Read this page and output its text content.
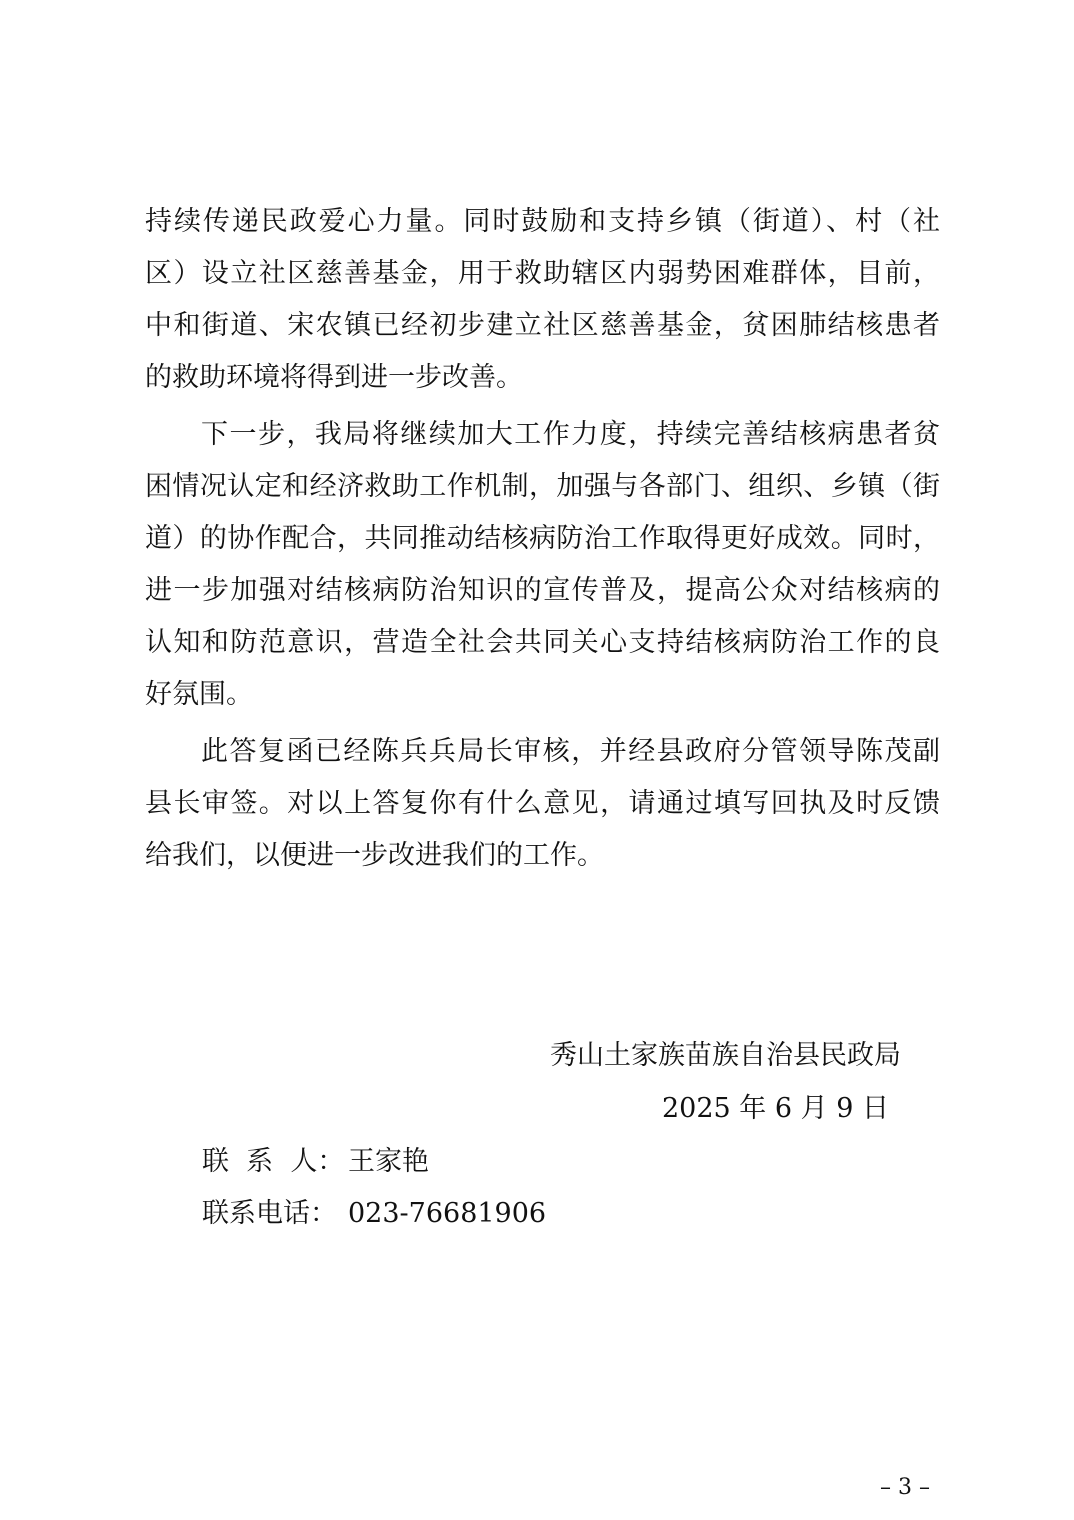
持续传递民政爱心力量。同时鼓励和支持乡镇（街道）、村（社
区）设立社区慈善基金，用于救助辖区内弱势困难群体，目前，
中和街道、宋农镇已经初步建立社区慈善基金，贫困肺结核患者
的救助环境将得到进一步改善。
下一步，我局将继续加大工作力度，持续完善结核病患者贫
困情况认定和经济救助工作机制，加强与各部门、组织、乡镇（街
道）的协作配合，共同推动结核病防治工作取得更好成效。同时，
进一步加强对结核病防治知识的宣传普及，提高公众对结核病的
认知和防范意识，营造全社会共同关心支持结核病防治工作的良
好氛围。
此答复函已经陈兵兵局长审核，并经县政府分管领导陈茂副
县长审签。对以上答复你有什么意见，请通过填写回执及时反馈
给我们，以便进一步改进我们的工作。
秀山土家族苗族自治县民政局
2025 年 6 月 9 日
联  系  人： 王家艳
联系电话： 023-76681906
– 3 –
